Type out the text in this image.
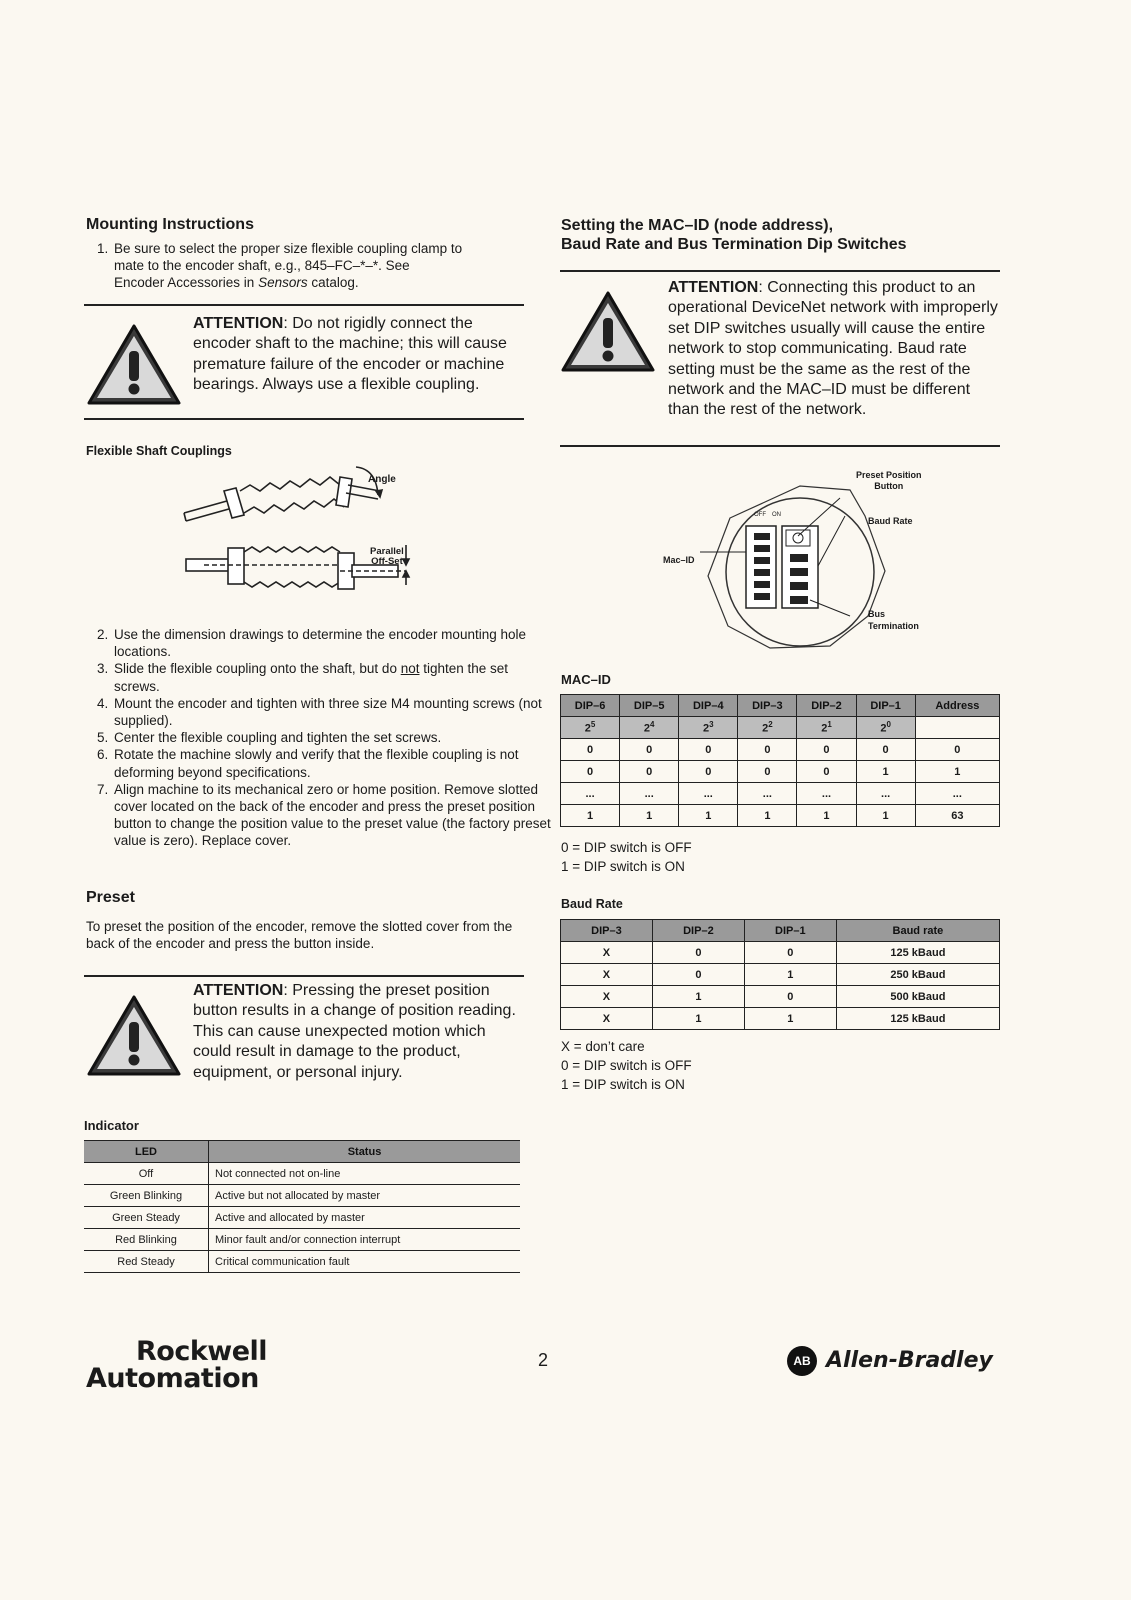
Mounting Instructions
1. Be sure to select the proper size flexible coupling clamp to
mate to the encoder shaft, e.g., 845–FC–*–*. See
Encoder Accessories in Sensors catalog.
ATTENTION: Do not rigidly connect the encoder shaft to the machine; this will cause premature failure of the encoder or machine bearings. Always use a flexible coupling.
Flexible Shaft Couplings
Angle
Parallel
Off-Set
2. Use the dimension drawings to determine the encoder mounting hole locations.
3. Slide the flexible coupling onto the shaft, but do not tighten the set screws.
4. Mount the encoder and tighten with three size M4 mounting screws (not supplied).
5. Center the flexible coupling and tighten the set screws.
6. Rotate the machine slowly and verify that the flexible coupling is not deforming beyond specifications.
7. Align machine to its mechanical zero or home position. Remove slotted cover located on the back of the encoder and press the preset position button to change the position value to the preset value (the factory preset value is zero). Replace cover.
Preset
To preset the position of the encoder, remove the slotted cover from the back of the encoder and press the button inside.
ATTENTION: Pressing the preset position button results in a change of position reading. This can cause unexpected motion which could result in damage to the product, equipment, or personal injury.
Indicator
LED	Status
Off	Not connected not on-line
Green Blinking	Active but not allocated by master
Green Steady	Active and allocated by master
Red Blinking	Minor fault and/or connection interrupt
Red Steady	Critical communication fault
Setting the MAC–ID (node address),
Baud Rate and Bus Termination Dip Switches
ATTENTION: Connecting this product to an operational DeviceNet network with improperly set DIP switches usually will cause the entire network to stop communicating. Baud rate setting must be the same as the rest of the network and the MAC–ID must be different than the rest of the network.
OFF ON
Preset Position
Button
Baud Rate
Mac–ID
Bus
Termination
MAC–ID
DIP–6	DIP–5	DIP–4	DIP–3	DIP–2	DIP–1	Address
$2^5$	$2^4$	$2^3$	$2^2$	$2^1$	$2^0$	
0	0	0	0	0	0	0
0	0	0	0	0	1	1
...	...	...	...	...	...	...
1	1	1	1	1	1	63
0 = DIP switch is OFF
1 = DIP switch is ON
Baud Rate
DIP–3	DIP–2	DIP–1	Baud rate
X	0	0	125 kBaud
X	0	1	250 kBaud
X	1	0	500 kBaud
X	1	1	125 kBaud
X = don’t care
0 = DIP switch is OFF
1 = DIP switch is ON
Rockwell
Automation
2	AB Allen-Bradley
